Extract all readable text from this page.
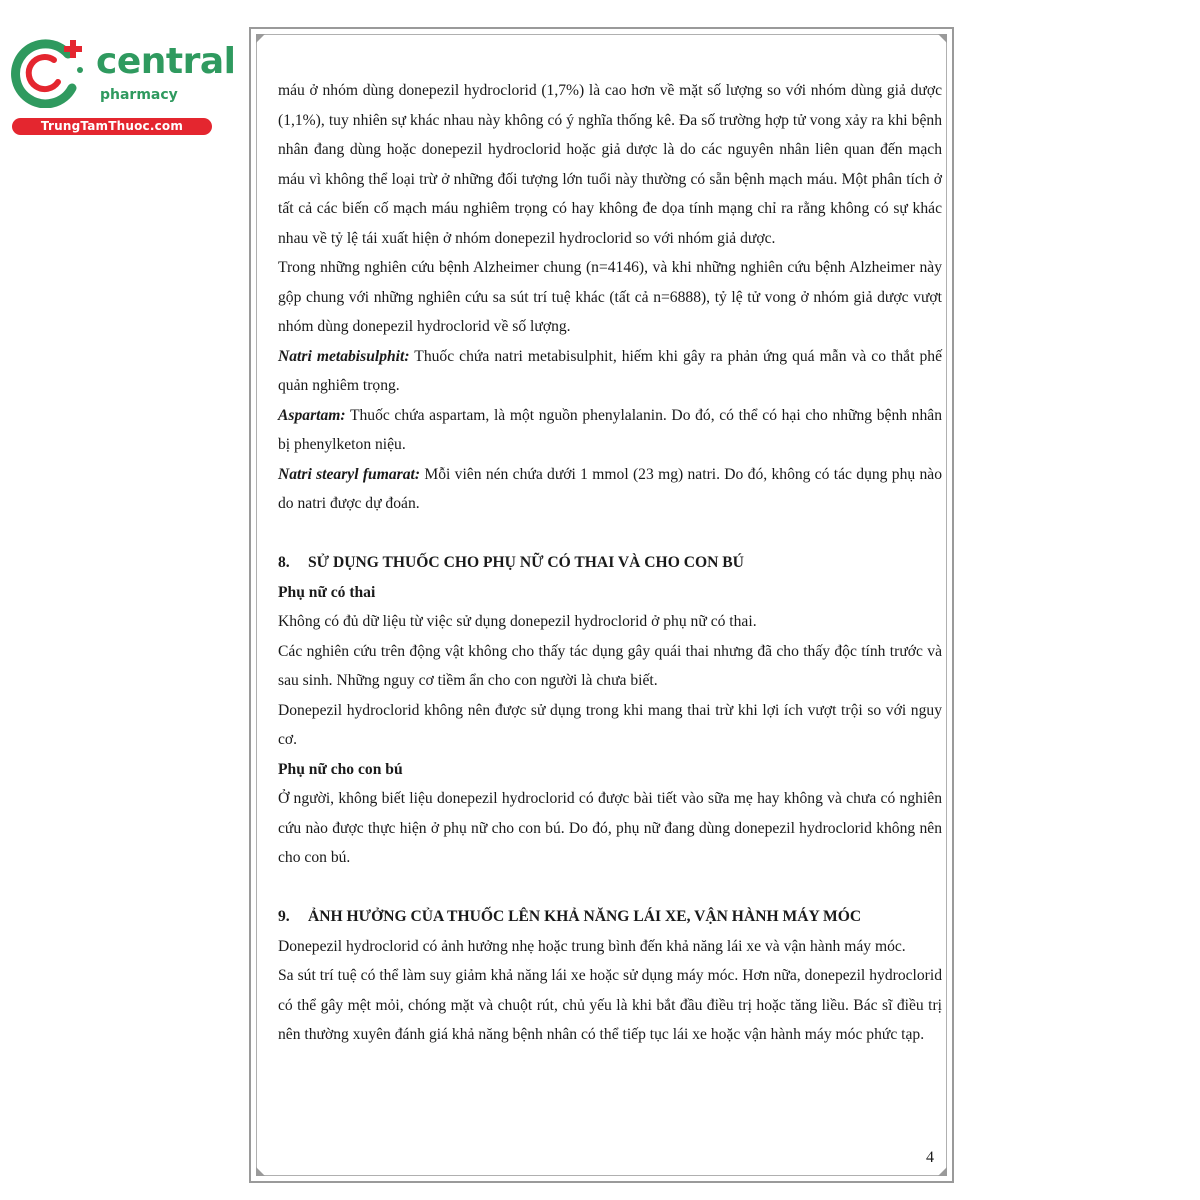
central
pharmacy
TrungTamThuoc.com

máu ở nhóm dùng donepezil hydroclorid (1,7%) là cao hơn về mặt số lượng so với nhóm dùng giả dược (1,1%), tuy nhiên sự khác nhau này không có ý nghĩa thống kê. Đa số trường hợp tử vong xảy ra khi bệnh nhân đang dùng hoặc donepezil hydroclorid hoặc giả dược là do các nguyên nhân liên quan đến mạch máu vì không thể loại trừ ở những đối tượng lớn tuổi này thường có sẵn bệnh mạch máu. Một phân tích ở tất cả các biến cố mạch máu nghiêm trọng có hay không đe dọa tính mạng chỉ ra rằng không có sự khác nhau về tỷ lệ tái xuất hiện ở nhóm donepezil hydroclorid so với nhóm giả dược.

Trong những nghiên cứu bệnh Alzheimer chung (n=4146), và khi những nghiên cứu bệnh Alzheimer này gộp chung với những nghiên cứu sa sút trí tuệ khác (tất cả n=6888), tỷ lệ tử vong ở nhóm giả dược vượt nhóm dùng donepezil hydroclorid về số lượng.

Natri metabisulphit: Thuốc chứa natri metabisulphit, hiếm khi gây ra phản ứng quá mẫn và co thắt phế quản nghiêm trọng.

Aspartam: Thuốc chứa aspartam, là một nguồn phenylalanin. Do đó, có thể có hại cho những bệnh nhân bị phenylketon niệu.

Natri stearyl fumarat: Mỗi viên nén chứa dưới 1 mmol (23 mg) natri. Do đó, không có tác dụng phụ nào do natri được dự đoán.

8. SỬ DỤNG THUỐC CHO PHỤ NỮ CÓ THAI VÀ CHO CON BÚ

Phụ nữ có thai

Không có đủ dữ liệu từ việc sử dụng donepezil hydroclorid ở phụ nữ có thai.

Các nghiên cứu trên động vật không cho thấy tác dụng gây quái thai nhưng đã cho thấy độc tính trước và sau sinh. Những nguy cơ tiềm ẩn cho con người là chưa biết.

Donepezil hydroclorid không nên được sử dụng trong khi mang thai trừ khi lợi ích vượt trội so với nguy cơ.

Phụ nữ cho con bú

Ở người, không biết liệu donepezil hydroclorid có được bài tiết vào sữa mẹ hay không và chưa có nghiên cứu nào được thực hiện ở phụ nữ cho con bú. Do đó, phụ nữ đang dùng donepezil hydroclorid không nên cho con bú.

9. ẢNH HƯỞNG CỦA THUỐC LÊN KHẢ NĂNG LÁI XE, VẬN HÀNH MÁY MÓC

Donepezil hydroclorid có ảnh hưởng nhẹ hoặc trung bình đến khả năng lái xe và vận hành máy móc.

Sa sút trí tuệ có thể làm suy giảm khả năng lái xe hoặc sử dụng máy móc. Hơn nữa, donepezil hydroclorid có thể gây mệt mỏi, chóng mặt và chuột rút, chủ yếu là khi bắt đầu điều trị hoặc tăng liều. Bác sĩ điều trị nên thường xuyên đánh giá khả năng bệnh nhân có thể tiếp tục lái xe hoặc vận hành máy móc phức tạp.

4
